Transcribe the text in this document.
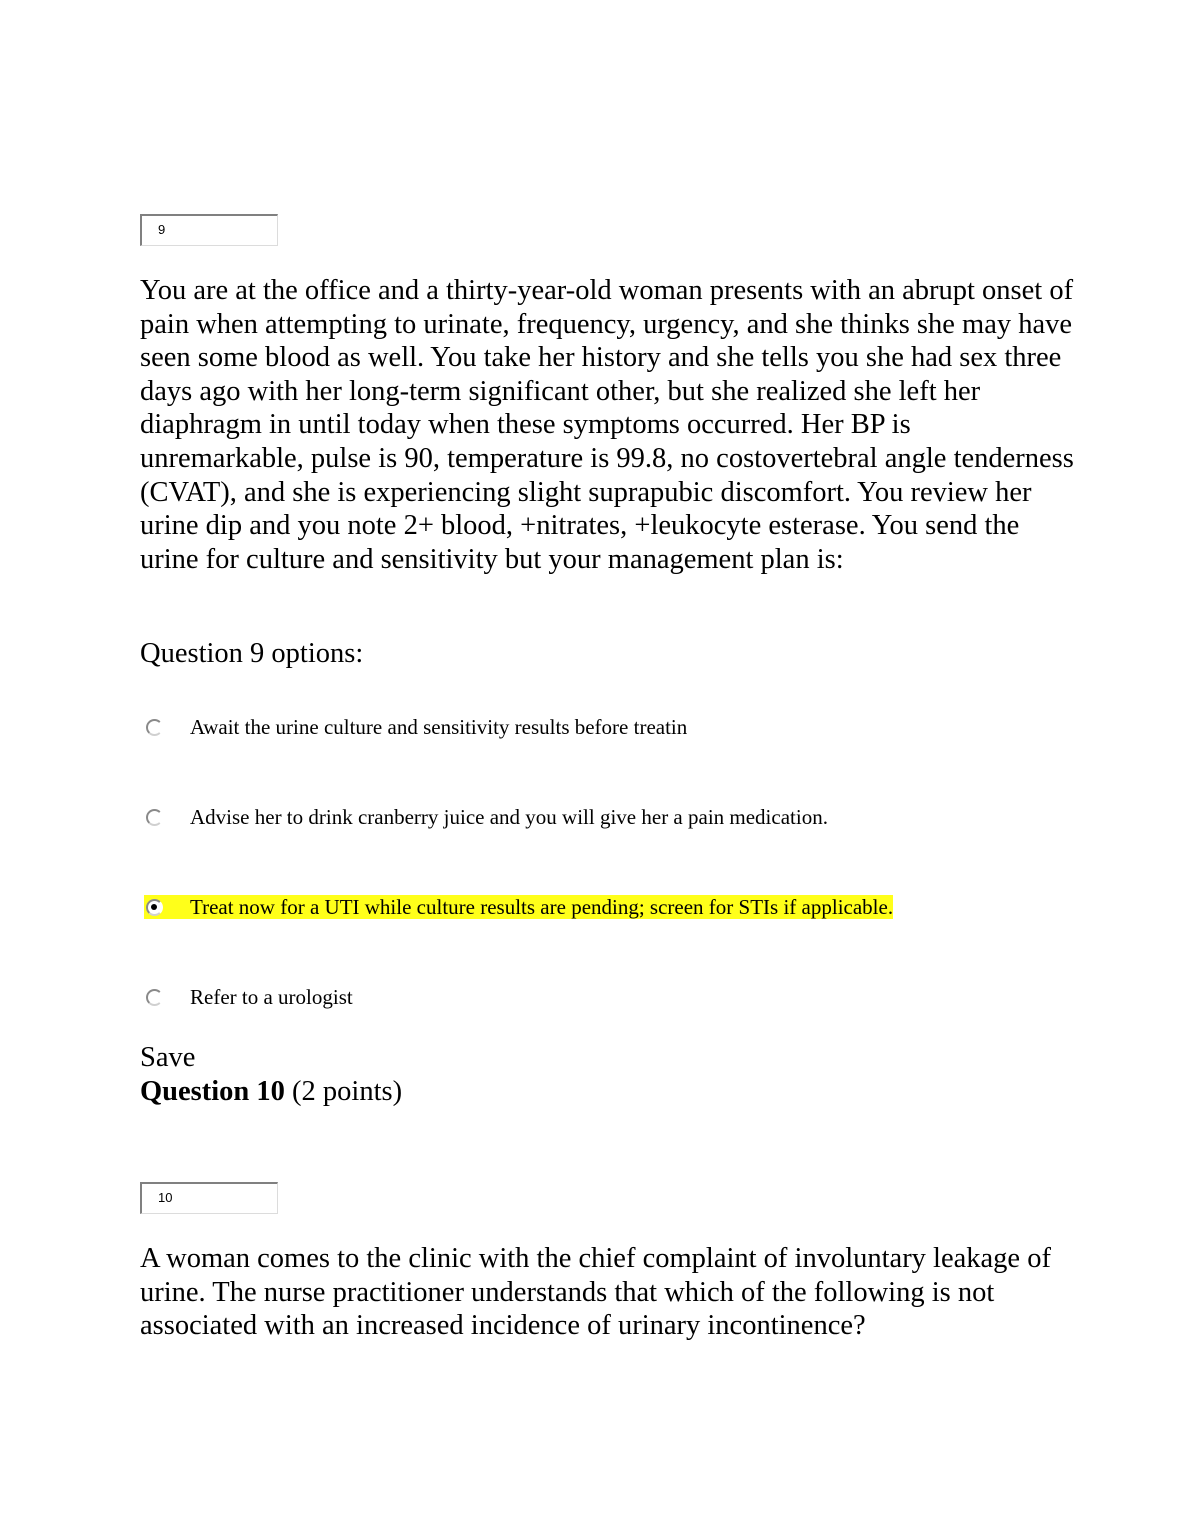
9

You are at the office and a thirty-year-old woman presents with an abrupt onset of pain when attempting to urinate, frequency, urgency, and she thinks she may have seen some blood as well. You take her history and she tells you she had sex three days ago with her long-term significant other, but she realized she left her diaphragm in until today when these symptoms occurred. Her BP is unremarkable, pulse is 90, temperature is 99.8, no costovertebral angle tenderness (CVAT), and she is experiencing slight suprapubic discomfort. You review her urine dip and you note 2+ blood, +nitrates, +leukocyte esterase. You send the urine for culture and sensitivity but your management plan is:

Question 9 options:
Await the urine culture and sensitivity results before treatin
Advise her to drink cranberry juice and you will give her a pain medication.
Treat now for a UTI while culture results are pending; screen for STIs if applicable.
Refer to a urologist
Save
Question 10 (2 points)
10

A woman comes to the clinic with the chief complaint of involuntary leakage of urine. The nurse practitioner understands that which of the following is not associated with an increased incidence of urinary incontinence?
